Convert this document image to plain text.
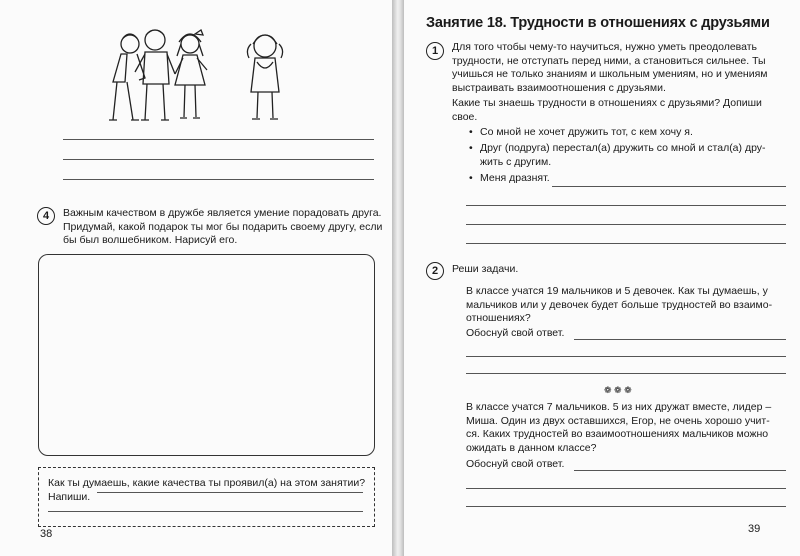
4	Важным качеством в дружбе является умение порадовать друга.
Придумай, какой подарок ты мог бы подарить своему другу, если
бы был волшебником. Нарисуй его.
Как ты думаешь, какие качества ты проявил(а) на этом занятии?
Напиши.
38
Занятие 18. Трудности в отношениях с друзьями
1	Для того чтобы чему-то научиться, нужно уметь преодолевать
трудности, не отступать перед ними, а становиться сильнее. Ты
учишься не только знаниям и школьным умениям, но и умениям
выстраивать взаимоотношения с друзьями.
Какие ты знаешь трудности в отношениях с друзьями? Допиши
свое.
• Со мной не хочет дружить тот, с кем хочу я.
• Друг (подруга) перестал(а) дружить со мной и стал(а) дру-
жить с другим.
• Меня дразнят.
2	Реши задачи.
В классе учатся 19 мальчиков и 5 девочек. Как ты думаешь, у
мальчиков или у девочек будет больше трудностей во взаимо-
отношениях?
Обоснуй свой ответ.
❁ ❁ ❁
В классе учатся 7 мальчиков. 5 из них дружат вместе, лидер –
Миша. Один из двух оставшихся, Егор, не очень хорошо учит-
ся. Каких трудностей во взаимоотношениях мальчиков можно
ожидать в данном классе?
Обоснуй свой ответ.
39
